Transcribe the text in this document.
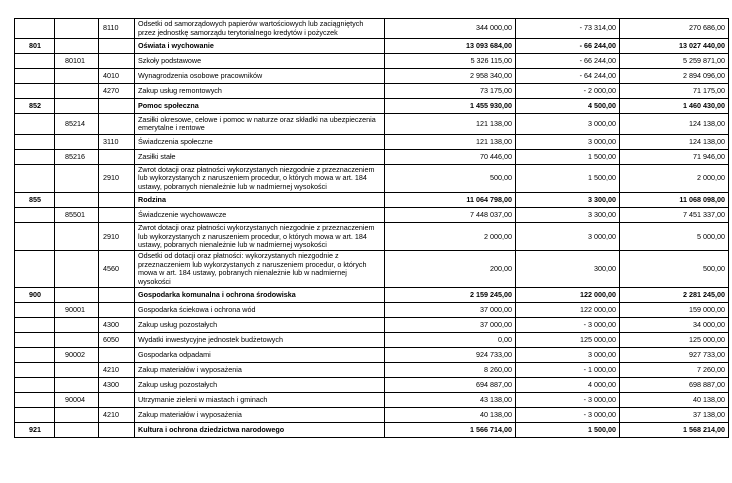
		8110	Odsetki od samorządowych papierów wartościowych lub zaciągniętych przez jednostkę samorządu terytorialnego kredytów i pożyczek	344 000,00	- 73 314,00	270 686,00
801			Oświata i wychowanie	13 093 684,00	- 66 244,00	13 027 440,00
	80101		Szkoły podstawowe	5 326 115,00	- 66 244,00	5 259 871,00
		4010	Wynagrodzenia osobowe pracowników	2 958 340,00	- 64 244,00	2 894 096,00
		4270	Zakup usług remontowych	73 175,00	- 2 000,00	71 175,00
852			Pomoc społeczna	1 455 930,00	4 500,00	1 460 430,00
	85214		Zasiłki okresowe, celowe i pomoc w naturze oraz składki na ubezpieczenia emerytalne i rentowe	121 138,00	3 000,00	124 138,00
		3110	Świadczenia społeczne	121 138,00	3 000,00	124 138,00
	85216		Zasiłki stałe	70 446,00	1 500,00	71 946,00
		2910	Zwrot dotacji oraz płatności wykorzystanych niezgodnie z przeznaczeniem lub wykorzystanych z naruszeniem procedur, o których mowa w art. 184 ustawy, pobranych nienależnie lub w nadmiernej wysokości	500,00	1 500,00	2 000,00
855			Rodzina	11 064 798,00	3 300,00	11 068 098,00
	85501		Świadczenie wychowawcze	7 448 037,00	3 300,00	7 451 337,00
		2910	Zwrot dotacji oraz płatności wykorzystanych niezgodnie z przeznaczeniem lub wykorzystanych z naruszeniem procedur, o których mowa w art. 184 ustawy, pobranych nienależnie lub w nadmiernej wysokości	2 000,00	3 000,00	5 000,00
		4560	Odsetki od dotacji oraz płatności: wykorzystanych niezgodnie z przeznaczeniem lub wykorzystanych z naruszeniem procedur, o których mowa w art. 184 ustawy, pobranych nienależnie lub w nadmiernej wysokości	200,00	300,00	500,00
900			Gospodarka komunalna i ochrona środowiska	2 159 245,00	122 000,00	2 281 245,00
	90001		Gospodarka ściekowa i ochrona wód	37 000,00	122 000,00	159 000,00
		4300	Zakup usług pozostałych	37 000,00	- 3 000,00	34 000,00
		6050	Wydatki inwestycyjne jednostek budżetowych	0,00	125 000,00	125 000,00
	90002		Gospodarka odpadami	924 733,00	3 000,00	927 733,00
		4210	Zakup materiałów i wyposażenia	8 260,00	- 1 000,00	7 260,00
		4300	Zakup usług pozostałych	694 887,00	4 000,00	698 887,00
	90004		Utrzymanie zieleni w miastach i gminach	43 138,00	- 3 000,00	40 138,00
		4210	Zakup materiałów i wyposażenia	40 138,00	- 3 000,00	37 138,00
921			Kultura i ochrona dziedzictwa narodowego	1 566 714,00	1 500,00	1 568 214,00
